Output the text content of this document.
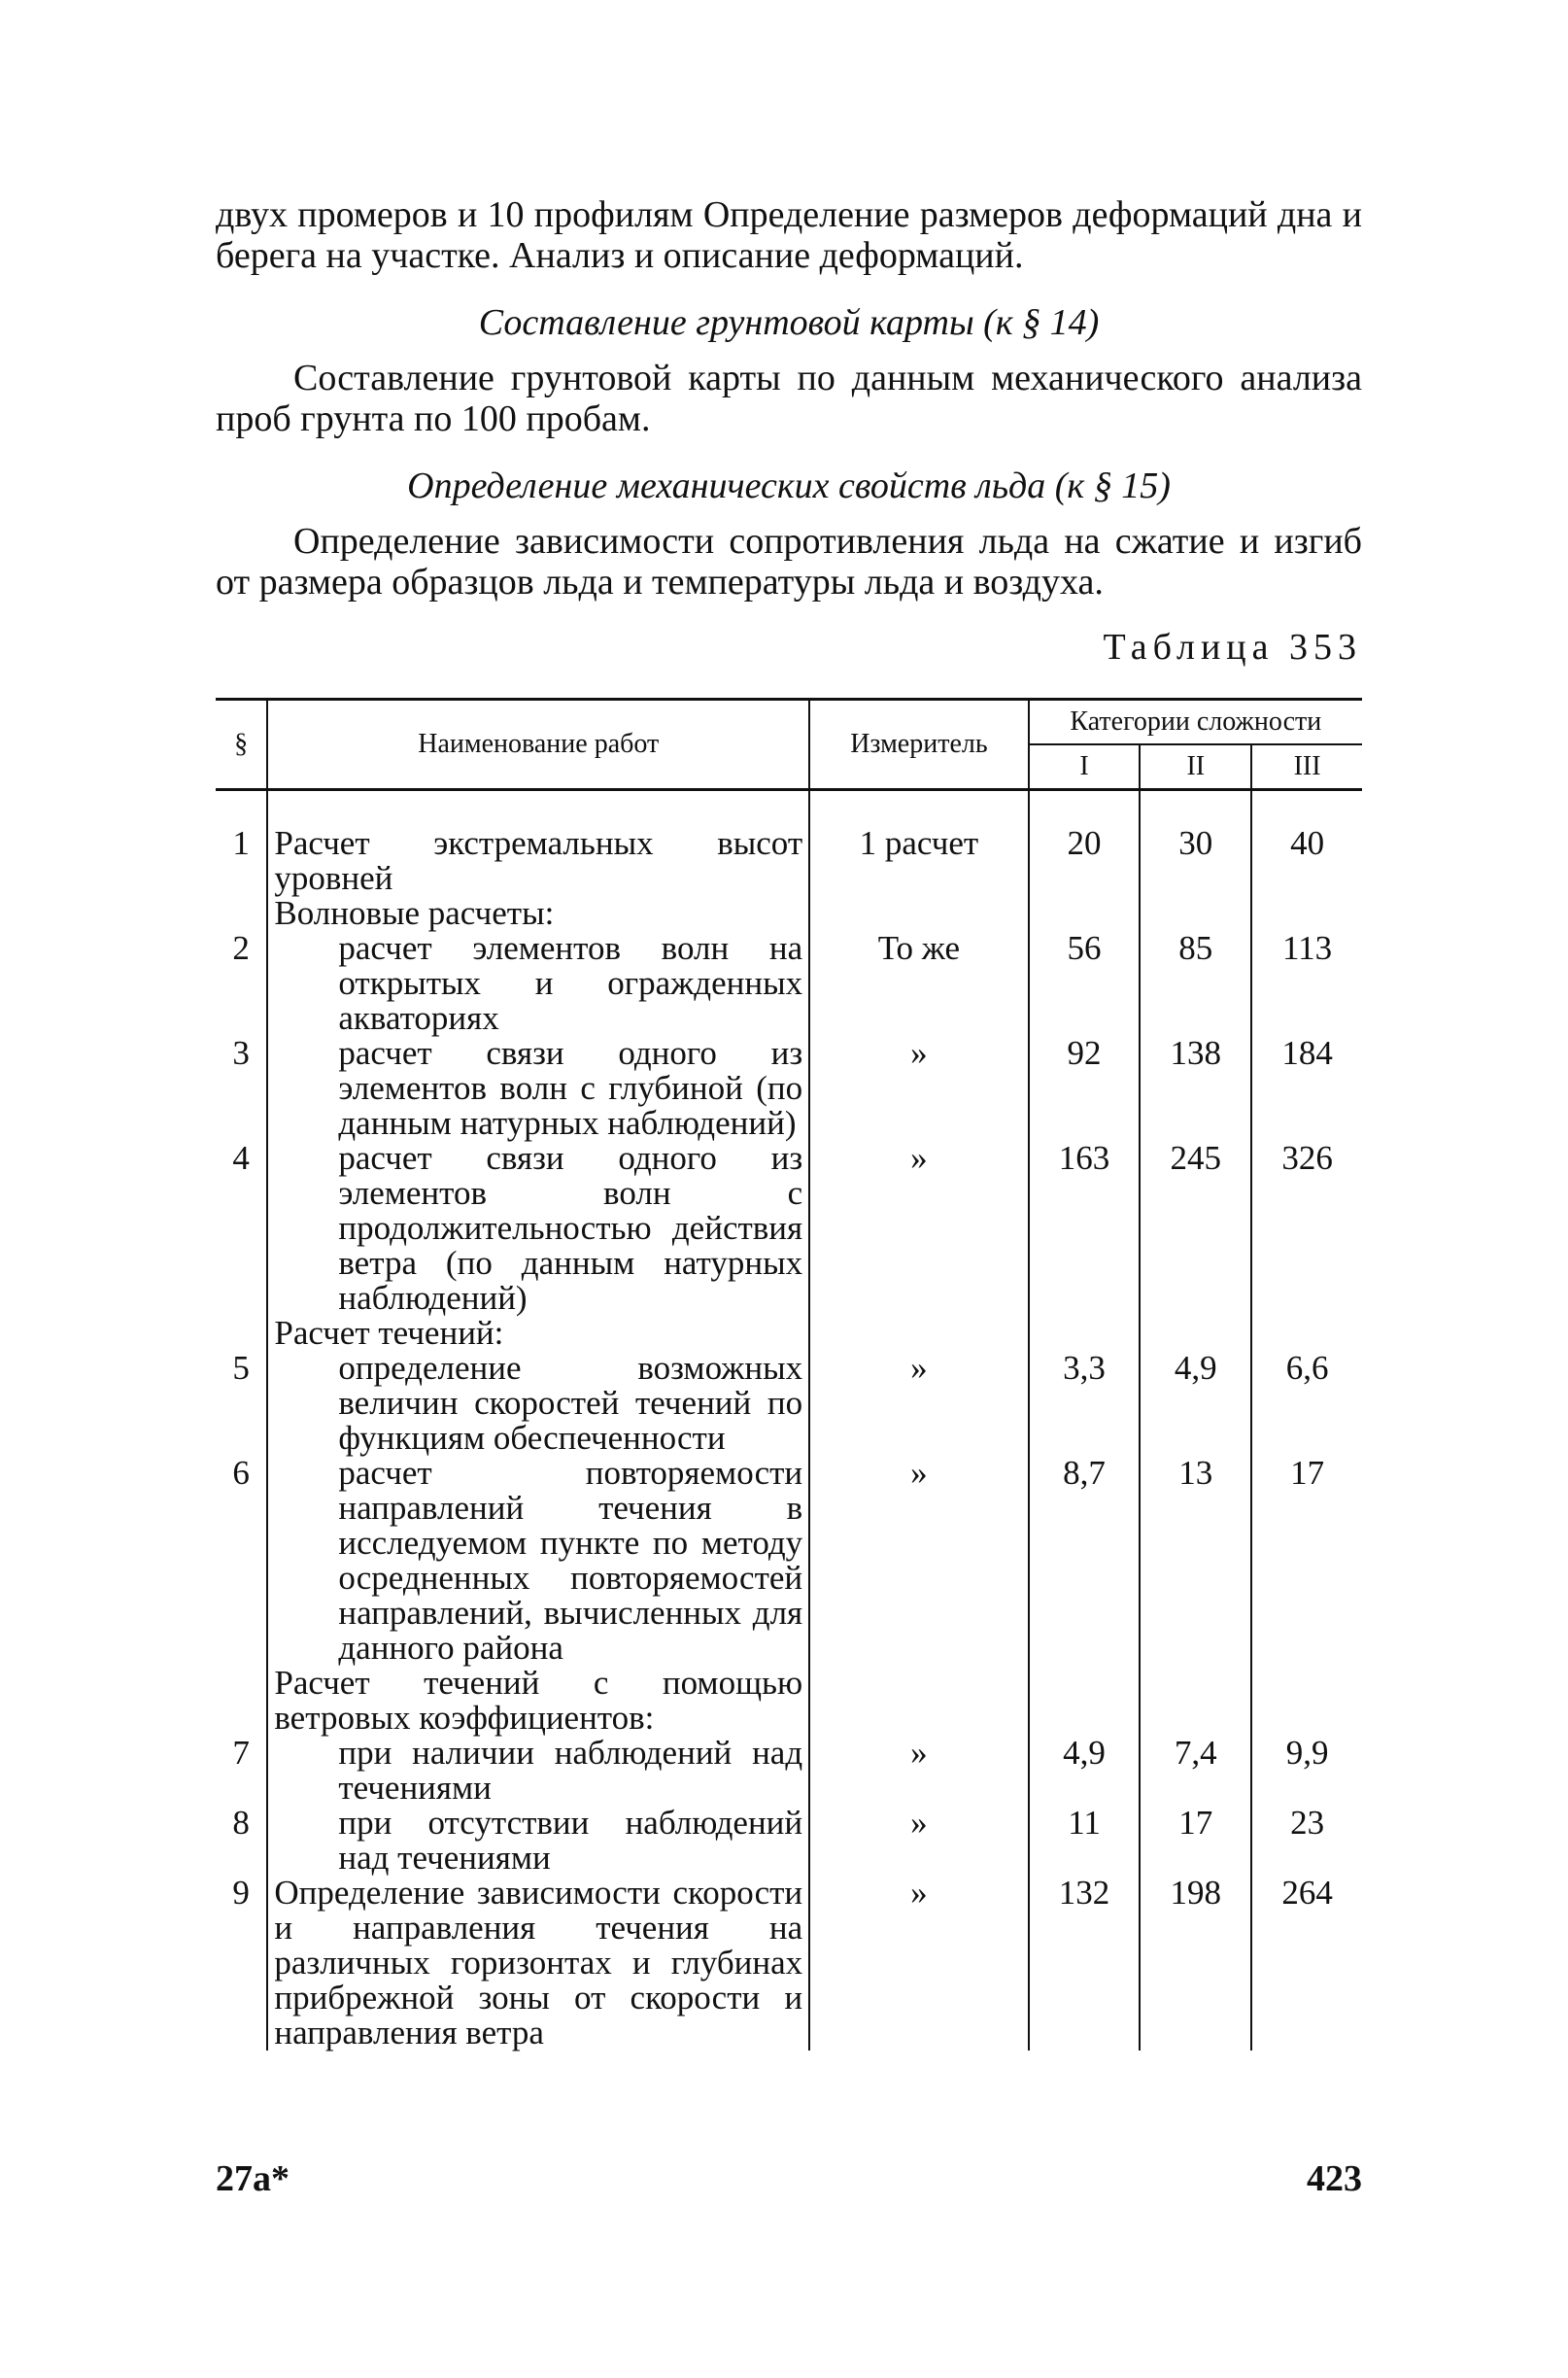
двух промеров и 10 профилям Определение размеров деформаций дна и берега на участке. Анализ и описание деформаций.

Составление грунтовой карты (к § 14)

Составление грунтовой карты по данным механического анализа проб грунта по 100 пробам.

Определение механических свойств льда (к § 15)

Определение зависимости сопротивления льда на сжатие и изгиб от размера образцов льда и температуры льда и воздуха.

Таблица 353
§	Наименование работ	Измеритель	Категории сложности		
			I	II	III
1	Расчет экстремальных высот уровней	1 расчет	20	30	40
	Волновые расчеты:				
2	расчет элементов волн на открытых и огражденных акваториях	То же	56	85	113
3	расчет связи одного из элементов волн с глубиной (по данным натурных наблюдений)	»	92	138	184
4	расчет связи одного из элементов волн с продолжительностью действия ветра (по данным натурных наблюдений)	»	163	245	326
	Расчет течений:				
5	определение возможных величин скоростей течений по функциям обеспеченности	»	3,3	4,9	6,6
6	расчет повторяемости направлений течения в исследуемом пункте по методу осредненных повторяемостей направлений, вычисленных для данного района	»	8,7	13	17
	Расчет течений с помощью ветровых коэффициентов:				
7	при наличии наблюдений над течениями	»	4,9	7,4	9,9
8	при отсутствии наблюдений над течениями	»	11	17	23
9	Определение зависимости скорости и направления течения на различных горизонтах и глубинах прибрежной зоны от скорости и направления ветра	»	132	198	264
27а*	423
